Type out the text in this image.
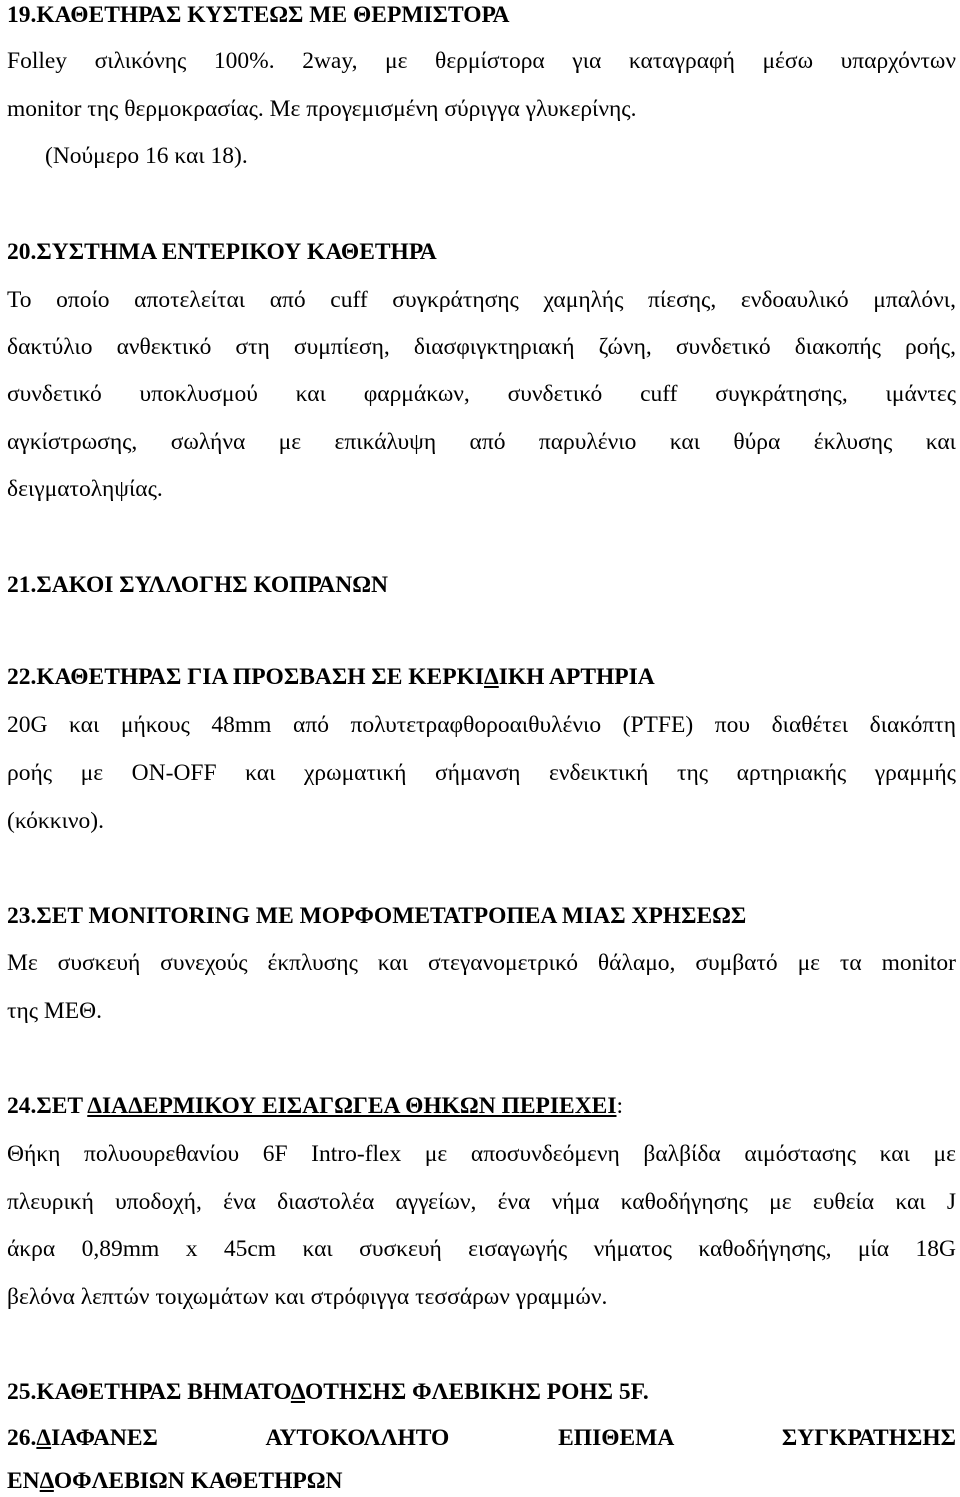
19.ΚΑΘΕΤΗΡΑΣ ΚΥΣΤΕΩΣ ΜΕ ΘΕΡΜΙΣΤΟΡΑ
Folley σιλικόνης 100%. 2way, με θερμίστορα για καταγραφή μέσω υπαρχόντων
monitor της θερμοκρασίας. Με προγεμισμένη σύριγγα γλυκερίνης.
(Νούμερο 16 και 18).
20.ΣΥΣΤΗΜΑ ΕΝΤΕΡΙΚΟΥ ΚΑΘΕΤΗΡΑ
Το οποίο αποτελείται από cuff συγκράτησης χαμηλής πίεσης, ενδοαυλικό μπαλόνι,
δακτύλιο ανθεκτικό στη συμπίεση, διασφιγκτηριακή ζώνη, συνδετικό διακοπής ροής,
συνδετικό υποκλυσμού και φαρμάκων, συνδετικό cuff συγκράτησης, ιμάντες
αγκίστρωσης, σωλήνα με επικάλυψη από παρυλένιο και θύρα έκλυσης και
δειγματοληψίας.
21.ΣΑΚΟΙ ΣΥΛΛΟΓΗΣ ΚΟΠΡΑΝΩΝ
22.ΚΑΘΕΤΗΡΑΣ ΓΙΑ ΠΡΟΣΒΑΣΗ ΣΕ ΚΕΡΚΙΔΙΚΗ ΑΡΤΗΡΙΑ
20G και μήκους 48mm από πολυτετραφθοροαιθυλένιο (PTFE) που διαθέτει διακόπτη
ροής με ON-OFF και χρωματική σήμανση ενδεικτική της αρτηριακής γραμμής
(κόκκινο).
23.ΣΕΤ MONITORING ΜΕ ΜΟΡΦΟΜΕΤΑΤΡΟΠΕΑ ΜΙΑΣ ΧΡΗΣΕΩΣ
Με συσκευή συνεχούς έκπλυσης και στεγανομετρικό θάλαμο, συμβατό με τα monitor
της ΜΕΘ.
24.ΣΕΤ ΔΙΑΔΕΡΜΙΚΟΥ ΕΙΣΑΓΩΓΕΑ ΘΗΚΩΝ ΠΕΡΙΕΧΕΙ:
Θήκη πολυουρεθανίου 6F Intro-flex με αποσυνδεόμενη βαλβίδα αιμόστασης και με
πλευρική υποδοχή, ένα διαστολέα αγγείων, ένα νήμα καθοδήγησης με ευθεία και J
άκρα 0,89mm x 45cm και συσκευή εισαγωγής νήματος καθοδήγησης, μία 18G
βελόνα λεπτών τοιχωμάτων και στρόφιγγα τεσσάρων γραμμών.
25.ΚΑΘΕΤΗΡΑΣ ΒΗΜΑΤΟΔΟΤΗΣΗΣ ΦΛΕΒΙΚΗΣ ΡΟΗΣ 5F.
26.ΔΙΑΦΑΝΕΣ ΑΥΤΟΚΟΛΛΗΤΟ ΕΠΙΘΕΜΑ ΣΥΓΚΡΑΤΗΣΗΣ
ΕΝΔΟΦΛΕΒΙΩΝ ΚΑΘΕΤΗΡΩΝ
